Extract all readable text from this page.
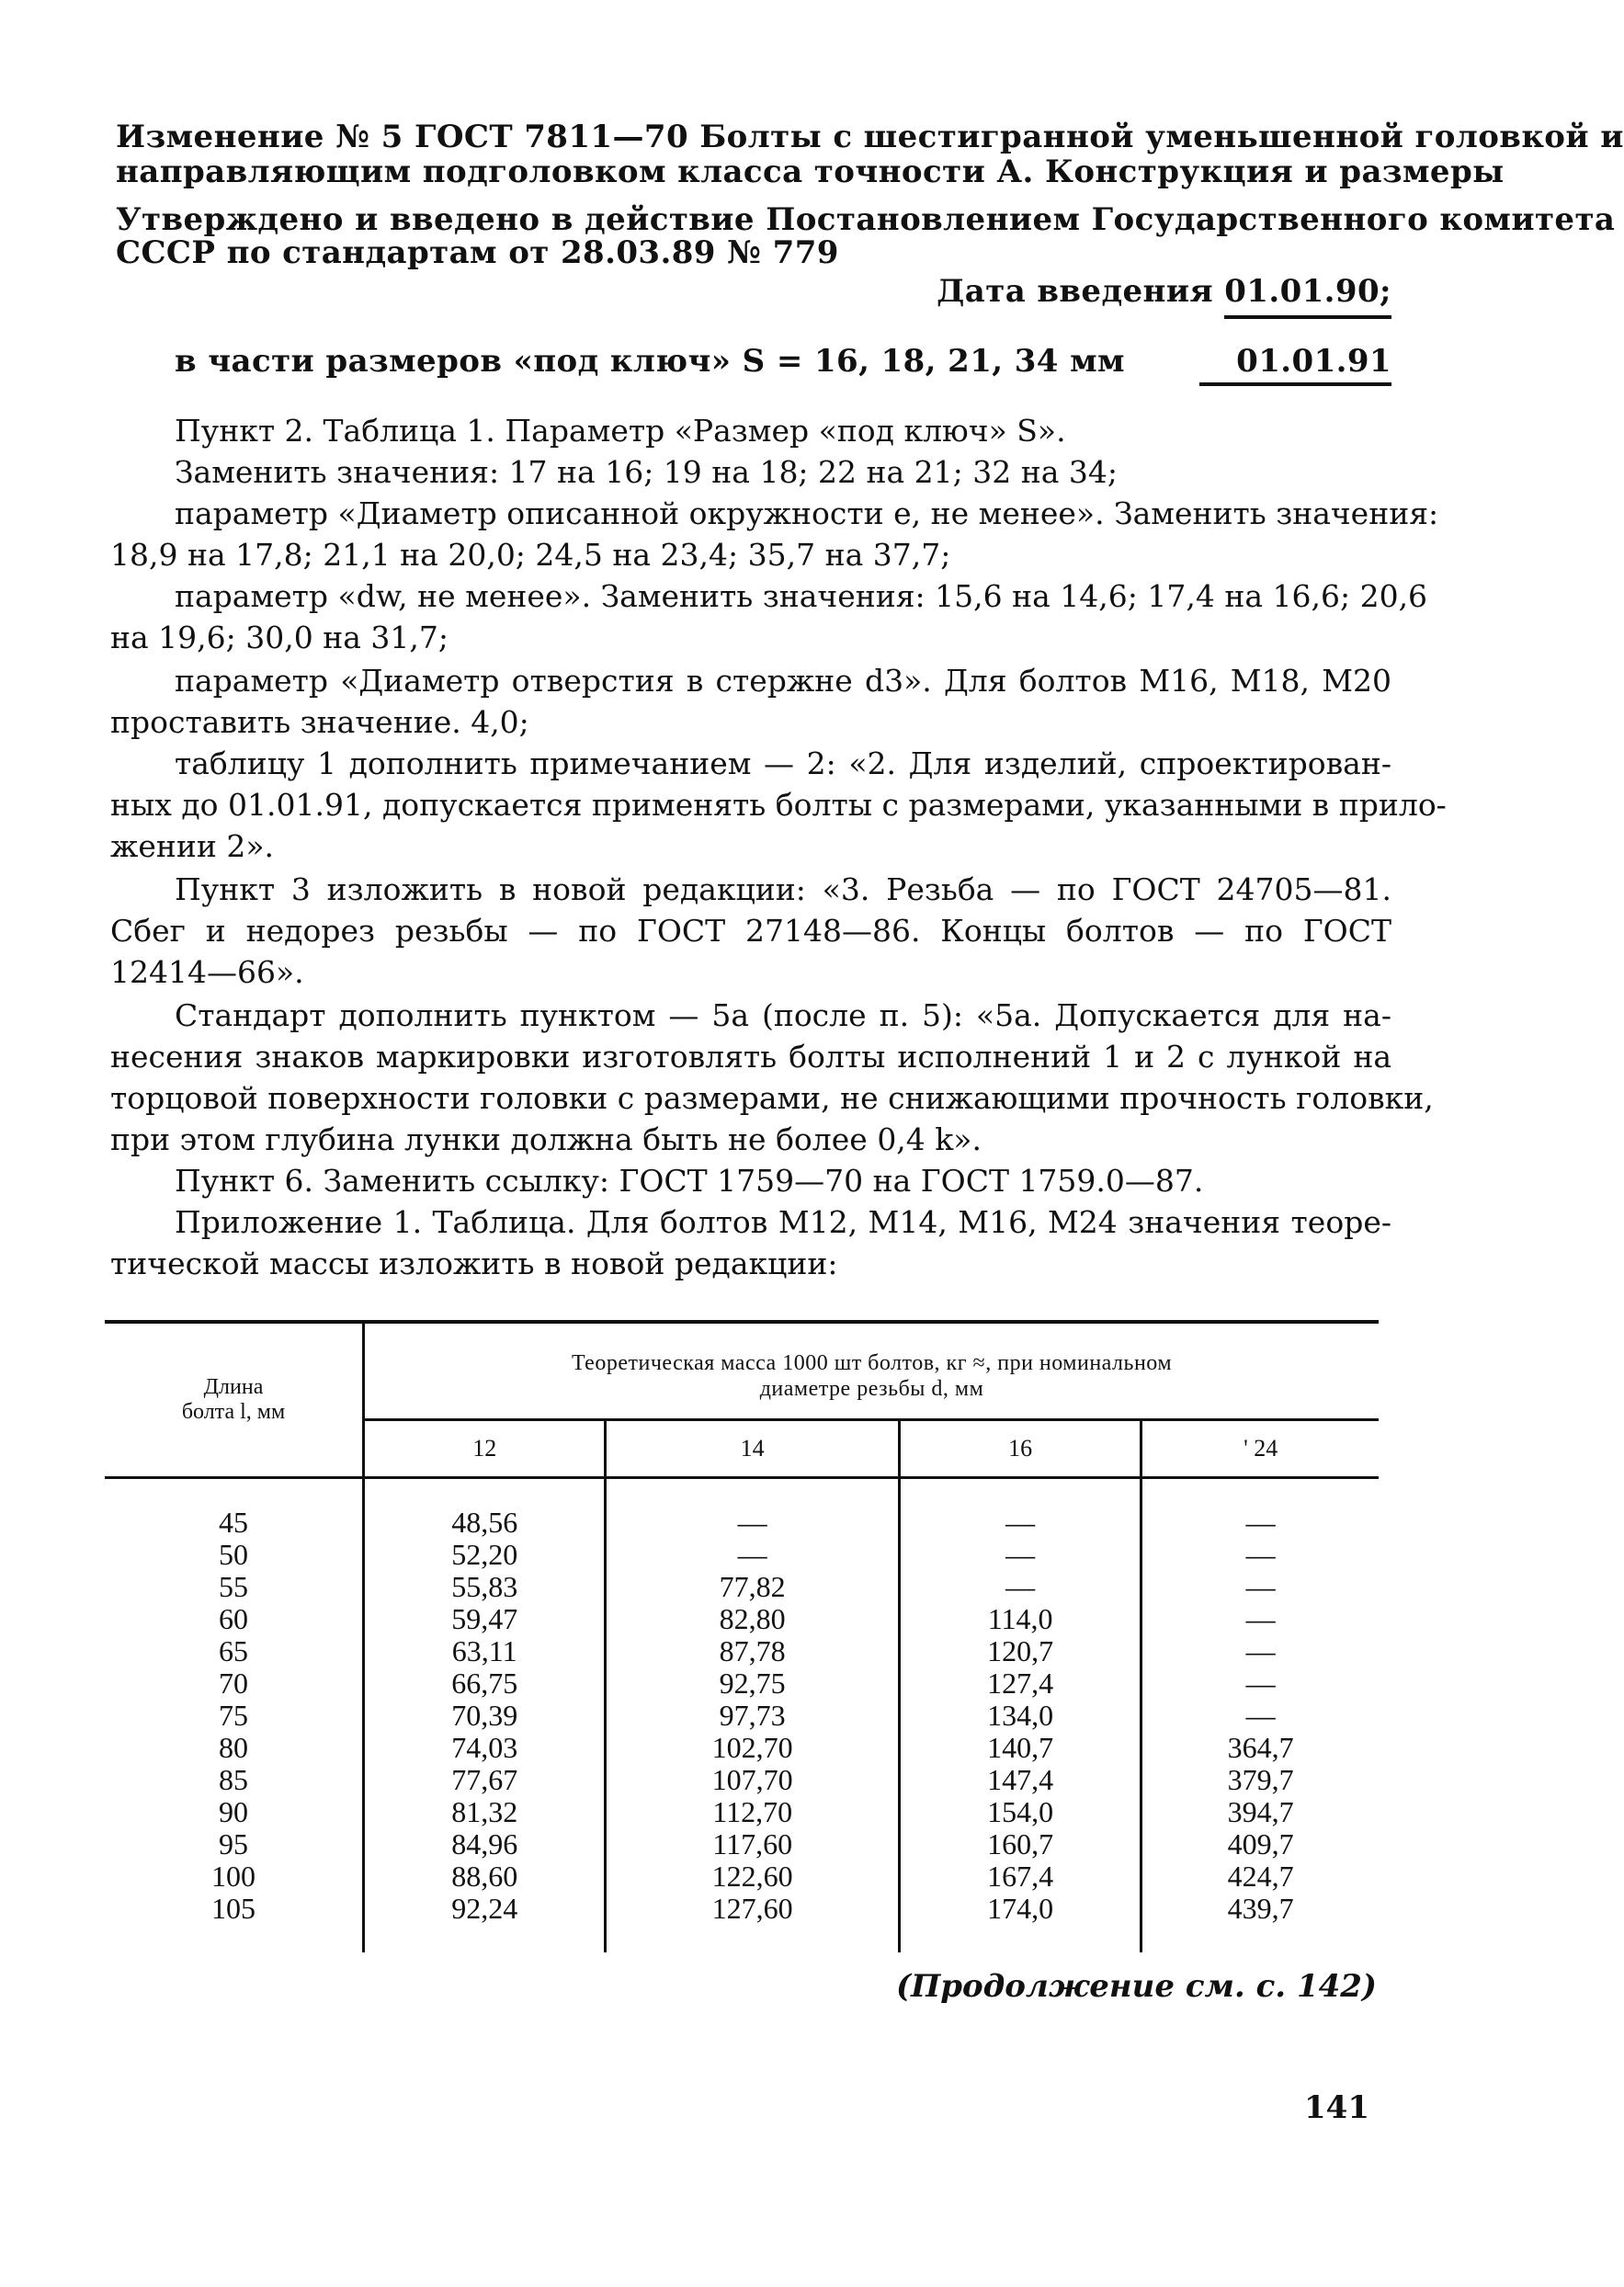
Изменение № 5 ГОСТ 7811—70 Болты с шестигранной уменьшенной головкой и
направляющим подголовком класса точности А. Конструкция и размеры
Утверждено и введено в действие Постановлением Государственного комитета
СССР по стандартам от 28.03.89 № 779
Дата введения 01.01.90;
в части размеров «под ключ» S = 16, 18, 21, 34 мм	01.01.91
Пункт 2. Таблица 1. Параметр «Размер «под ключ» S».
Заменить значения: 17 на 16; 19 на 18; 22 на 21; 32 на 34;
параметр «Диаметр описанной окружности e, не менее». Заменить значения:
18,9 на 17,8; 21,1 на 20,0; 24,5 на 23,4; 35,7 на 37,7;
параметр «dw, не менее». Заменить значения: 15,6 на 14,6; 17,4 на 16,6; 20,6
на 19,6; 30,0 на 31,7;
параметр «Диаметр отверстия в стержне d3». Для болтов М16, М18, М20
проставить значение. 4,0;
таблицу 1 дополнить примечанием — 2: «2. Для изделий, спроектирован-
ных до 01.01.91, допускается применять болты с размерами, указанными в прило-
жении 2».
Пункт 3 изложить в новой редакции: «3. Резьба — по ГОСТ 24705—81.
Сбег и недорез резьбы — по ГОСТ 27148—86. Концы болтов — по ГОСТ
12414—66».
Стандарт дополнить пунктом — 5а (после п. 5): «5а. Допускается для на-
несения знаков маркировки изготовлять болты исполнений 1 и 2 с лункой на
торцовой поверхности головки с размерами, не снижающими прочность головки,
при этом глубина лунки должна быть не более 0,4 k».
Пункт 6. Заменить ссылку: ГОСТ 1759—70 на ГОСТ 1759.0—87.
Приложение 1. Таблица. Для болтов М12, М14, М16, М24 значения теоре-
тической массы изложить в новой редакции:
Длина
болта l, мм	Теоретическая масса 1000 шт болтов, кг ≈, при номинальном
диаметре резьбы d, мм			
	12	14	16	' 24
45	48,56	—	—	—
50	52,20	—	—	—
55	55,83	77,82	—	—
60	59,47	82,80	114,0	—
65	63,11	87,78	120,7	—
70	66,75	92,75	127,4	—
75	70,39	97,73	134,0	—
80	74,03	102,70	140,7	364,7
85	77,67	107,70	147,4	379,7
90	81,32	112,70	154,0	394,7
95	84,96	117,60	160,7	409,7
100	88,60	122,60	167,4	424,7
105	92,24	127,60	174,0	439,7
(Продолжение см. с. 142)
141
